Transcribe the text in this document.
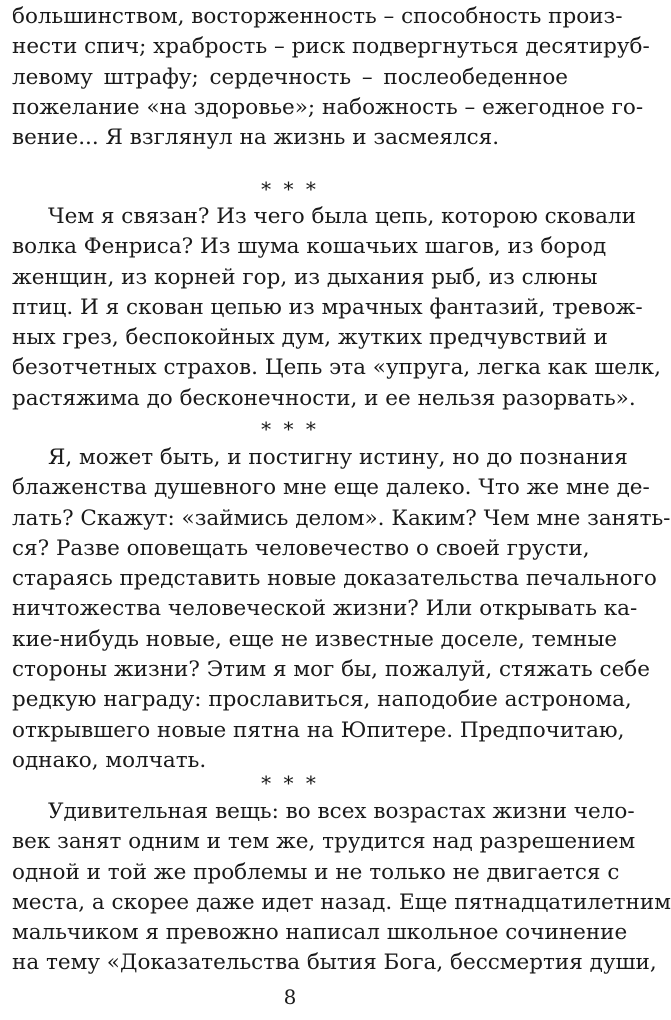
большинством, восторженность – способность произ-
нести спич; храбрость – риск подвергнуться десятируб-
левому штрафу; сердечность – послеобеденное
пожелание «на здоровье»; набожность – ежегодное го-
вение... Я взглянул на жизнь и засмеялся.
* * *
Чем я связан? Из чего была цепь, которою сковали
волка Фенриса? Из шума кошачьих шагов, из бород
женщин, из корней гор, из дыхания рыб, из слюны
птиц. И я скован цепью из мрачных фантазий, тревож-
ных грез, беспокойных дум, жутких предчувствий и
безотчетных страхов. Цепь эта «упруга, легка как шелк,
растяжима до бесконечности, и ее нельзя разорвать».
* * *
Я, может быть, и постигну истину, но до познания
блаженства душевного мне еще далеко. Что же мне де-
лать? Скажут: «займись делом». Каким? Чем мне занять-
ся? Разве оповещать человечество о своей грусти,
стараясь представить новые доказательства печального
ничтожества человеческой жизни? Или открывать ка-
кие-нибудь новые, еще не известные доселе, темные
стороны жизни? Этим я мог бы, пожалуй, стяжать себе
редкую награду: прославиться, наподобие астронома,
открывшего новые пятна на Юпитере. Предпочитаю,
однако, молчать.
* * *
Удивительная вещь: во всех возрастах жизни чело-
век занят одним и тем же, трудится над разрешением
одной и той же проблемы и не только не двигается с
места, а скорее даже идет назад. Еще пятнадцатилетним
мальчиком я превожно написал школьное сочинение
на тему «Доказательства бытия Бога, бессмертия души,
8
